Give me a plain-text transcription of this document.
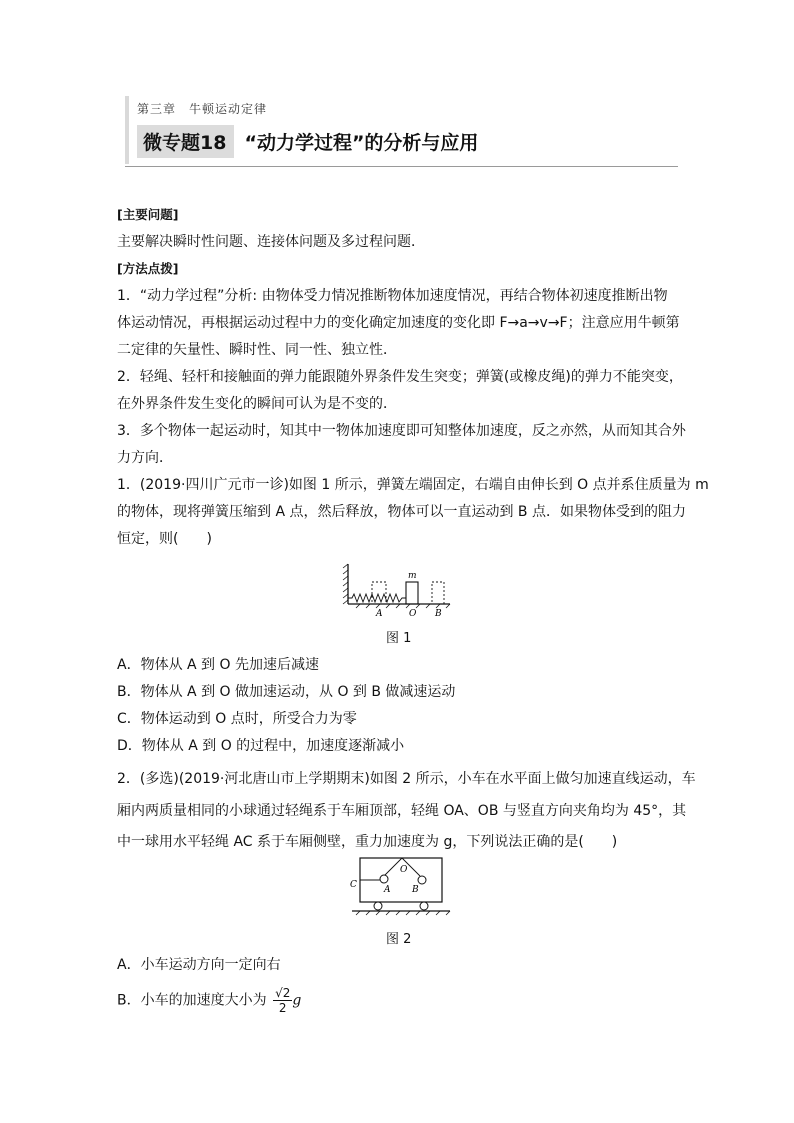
第三章　牛顿运动定律
微专题18 “动力学过程”的分析与应用
[主要问题]
主要解决瞬时性问题、连接体问题及多过程问题．
[方法点拨]
1．“动力学过程”分析: 由物体受力情况推断物体加速度情况，再结合物体初速度推断出物
体运动情况，再根据运动过程中力的变化确定加速度的变化即 F→a→v→F；注意应用牛顿第
二定律的矢量性、瞬时性、同一性、独立性．
2．轻绳、轻杆和接触面的弹力能跟随外界条件发生突变；弹簧(或橡皮绳)的弹力不能突变，
在外界条件发生变化的瞬间可认为是不变的．
3．多个物体一起运动时，知其中一物体加速度即可知整体加速度，反之亦然，从而知其合外
力方向．
1．(2019·四川广元市一诊)如图 1 所示，弹簧左端固定，右端自由伸长到 O 点并系住质量为 m
的物体，现将弹簧压缩到 A 点，然后释放，物体可以一直运动到 B 点．如果物体受到的阻力
恒定，则(　　)
m
A	O B
图 1
A．物体从 A 到 O 先加速后减速
B．物体从 A 到 O 做加速运动，从 O 到 B 做减速运动
C．物体运动到 O 点时，所受合力为零
D．物体从 A 到 O 的过程中，加速度逐渐减小
2．(多选)(2019·河北唐山市上学期期末)如图 2 所示，小车在水平面上做匀加速直线运动，车
厢内两质量相同的小球通过轻绳系于车厢顶部，轻绳 OA、OB 与竖直方向夹角均为 45°，其
中一球用水平轻绳 AC 系于车厢侧壁，重力加速度为 g，下列说法正确的是(　　)
C	A
O
B
图 2
A．小车运动方向一定向右
B．小车的加速度大小为 $\frac{√2}{2}$ g
